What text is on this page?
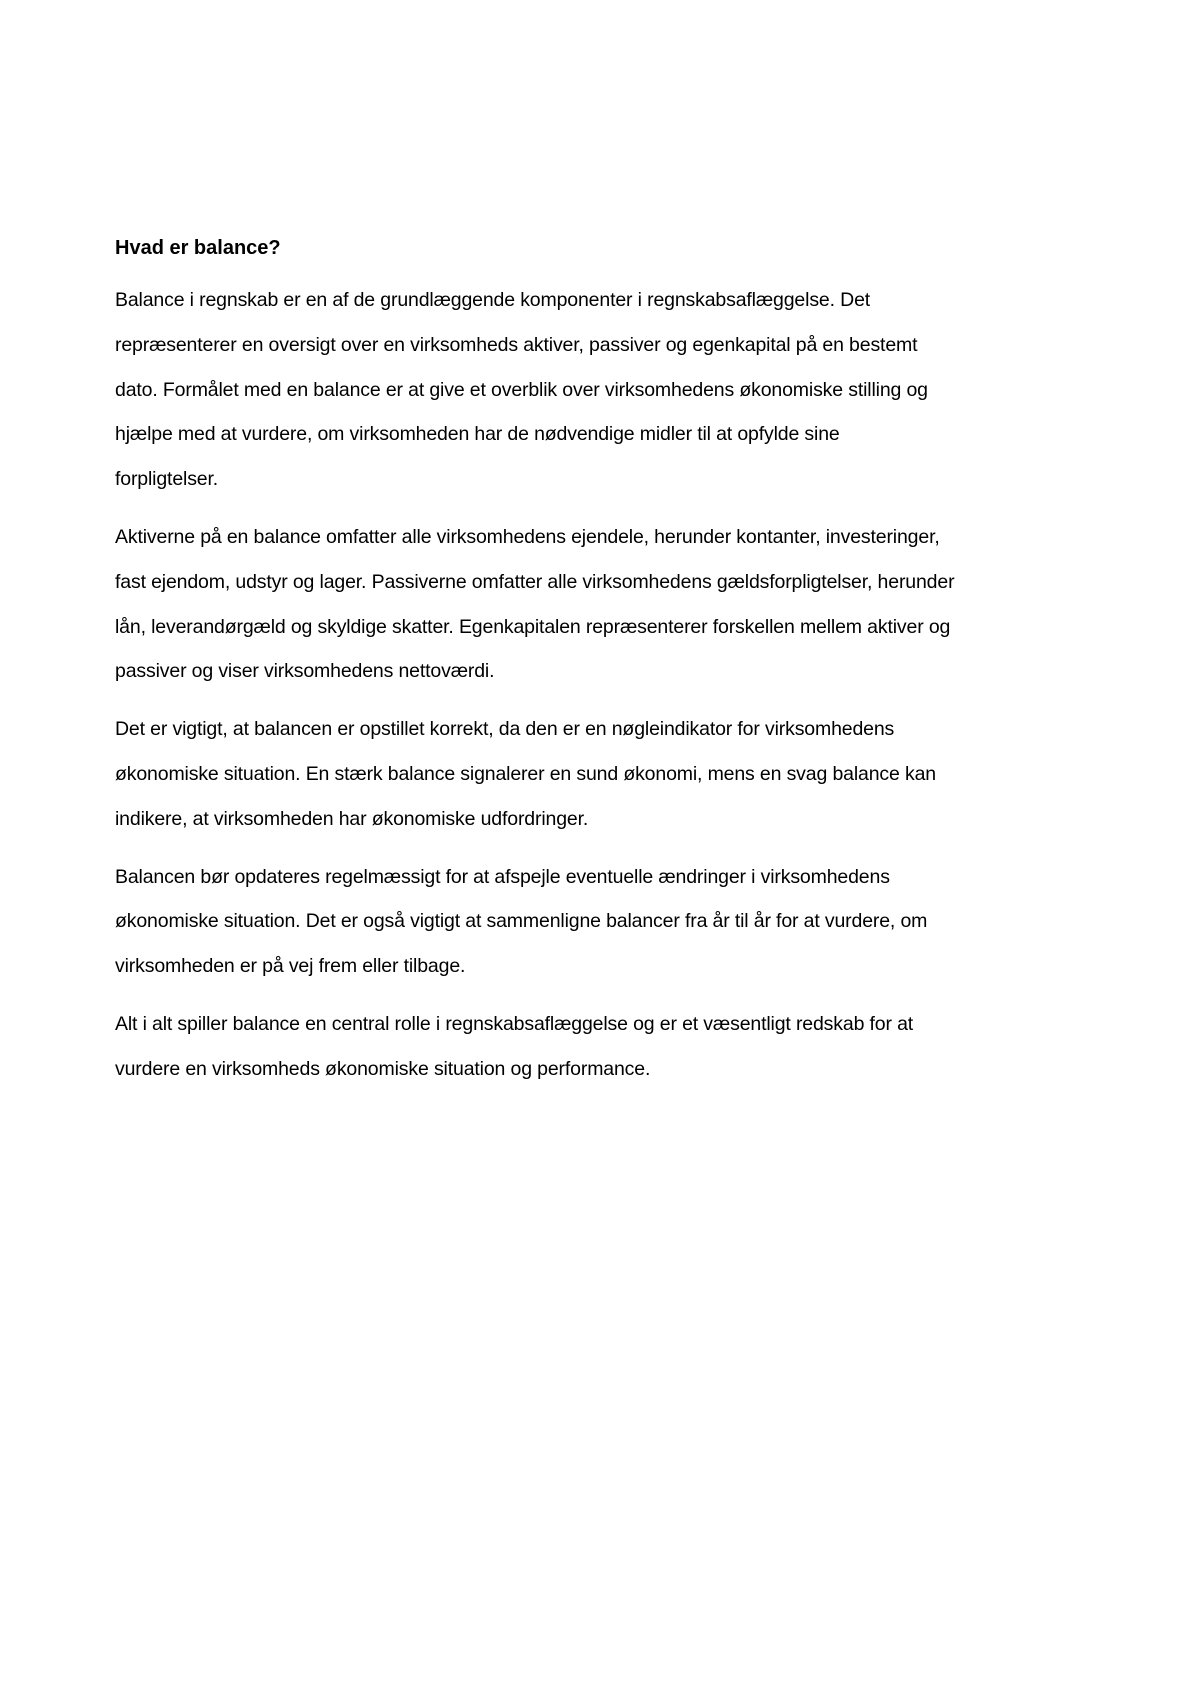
Hvad er balance?

Balance i regnskab er en af de grundlæggende komponenter i regnskabsaflæggelse. Det
repræsenterer en oversigt over en virksomheds aktiver, passiver og egenkapital på en bestemt
dato. Formålet med en balance er at give et overblik over virksomhedens økonomiske stilling og
hjælpe med at vurdere, om virksomheden har de nødvendige midler til at opfylde sine
forpligtelser.

Aktiverne på en balance omfatter alle virksomhedens ejendele, herunder kontanter, investeringer,
fast ejendom, udstyr og lager. Passiverne omfatter alle virksomhedens gældsforpligtelser, herunder
lån, leverandørgæld og skyldige skatter. Egenkapitalen repræsenterer forskellen mellem aktiver og
passiver og viser virksomhedens nettoværdi.

Det er vigtigt, at balancen er opstillet korrekt, da den er en nøgleindikator for virksomhedens
økonomiske situation. En stærk balance signalerer en sund økonomi, mens en svag balance kan
indikere, at virksomheden har økonomiske udfordringer.

Balancen bør opdateres regelmæssigt for at afspejle eventuelle ændringer i virksomhedens
økonomiske situation. Det er også vigtigt at sammenligne balancer fra år til år for at vurdere, om
virksomheden er på vej frem eller tilbage.

Alt i alt spiller balance en central rolle i regnskabsaflæggelse og er et væsentligt redskab for at
vurdere en virksomheds økonomiske situation og performance.
